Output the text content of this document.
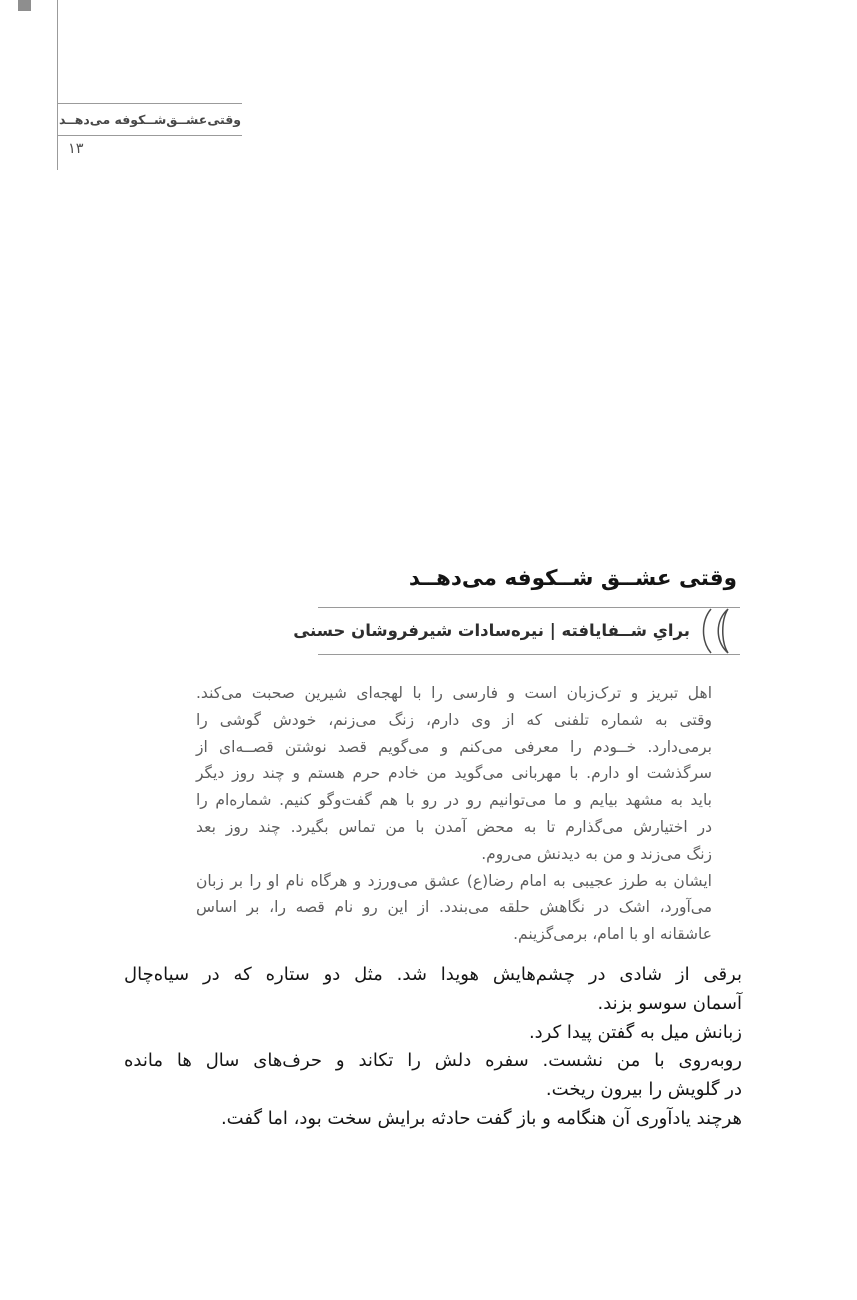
وقتی‌عشــق‌شــکوفه می‌دهــد
۱۳
وقتی عشــق شــکوفه می‌دهــد
برایِ شــفایافته | نیره‌سادات شیرفروشان حسنی
اهل تبریز و ترک‌زبان است و فارسی را با لهجه‌ای شیرین صحبت می‌کند.
وقتی به شماره تلفنی که از وی دارم، زنگ می‌زنم، خودش گوشی را
برمی‌دارد. خــودم را معرفی می‌کنم و می‌گویم قصد نوشتن قصــه‌ای از
سرگذشت او دارم. با مهربانی می‌گوید من خادم حرم هستم و چند روز دیگر
باید به مشهد بیایم و ما می‌توانیم رو در رو با هم گفت‌وگو کنیم. شماره‌ام را
در اختیارش می‌گذارم تا به محض آمدن با من تماس بگیرد. چند روز بعد
زنگ می‌زند و من به دیدنش می‌روم.
ایشان به طرز عجیبی به امام رضا(ع) عشق می‌ورزد و هرگاه نام او را بر زبان
می‌آورد، اشک در نگاهش حلقه می‌بندد. از این رو نام قصه را، بر اساس
عاشقانه او با امام، برمی‌گزینم.
برقی از شادی در چشم‌هایش هویدا شد. مثل دو ستاره که در سیاه‌چال
آسمان سوسو بزند.
زبانش میل به گفتن پیدا کرد.
روبه‌روی با من نشست. سفره دلش را تکاند و حرف‌های سال ها مانده
در گلویش را بیرون ریخت.
هرچند یادآوری آن هنگامه و باز گفت حادثه برایش سخت بود، اما گفت.
